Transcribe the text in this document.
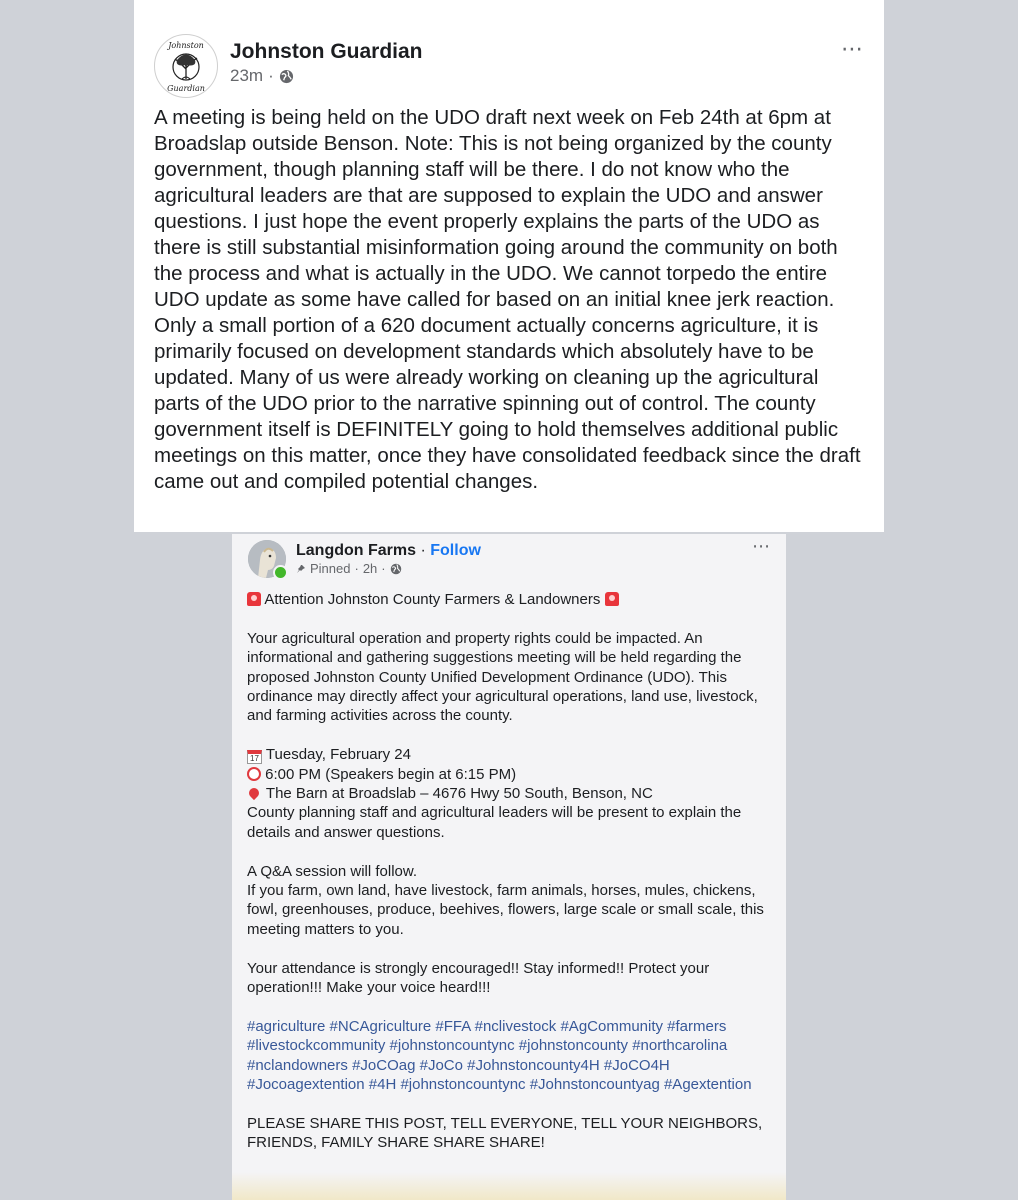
Johnston
Guardian
Johnston Guardian
23m ·
⋯
A meeting is being held on the UDO draft next week on Feb 24th at 6pm at Broadslap outside Benson. Note: This is not being organized by the county government, though planning staff will be there. I do not know who the agricultural leaders are that are supposed to explain the UDO and answer questions. I just hope the event properly explains the parts of the UDO as there is still substantial misinformation going around the community on both the process and what is actually in the UDO. We cannot torpedo the entire UDO update as some have called for based on an initial knee jerk reaction. Only a small portion of a 620 document actually concerns agriculture, it is primarily focused on development standards which absolutely have to be updated. Many of us were already working on cleaning up the agricultural parts of the UDO prior to the narrative spinning out of control. The county government itself is DEFINITELY going to hold themselves additional public meetings on this matter, once they have consolidated feedback since the draft came out and compiled potential changes.
Langdon Farms · Follow
Pinned · 2h ·
⋯

Attention Johnston County Farmers & Landowners

Your agricultural operation and property rights could be impacted. An informational and gathering suggestions meeting will be held regarding the proposed Johnston County Unified Development Ordinance (UDO). This ordinance may directly affect your agricultural operations, land use, livestock, and farming activities across the county.

17 Tuesday, February 24
6:00 PM (Speakers begin at 6:15 PM)
The Barn at Broadslab – 4676 Hwy 50 South, Benson, NC
County planning staff and agricultural leaders will be present to explain the details and answer questions.

A Q&A session will follow.
If you farm, own land, have livestock, farm animals, horses, mules, chickens, fowl, greenhouses, produce, beehives, flowers, large scale or small scale, this meeting matters to you.

Your attendance is strongly encouraged!! Stay informed!! Protect your operation!!! Make your voice heard!!!

#agriculture #NCAgriculture #FFA #nclivestock #AgCommunity #farmers #livestockcommunity #johnstoncountync #johnstoncounty #northcarolina #nclandowners #JoCOag #JoCo #Johnstoncounty4H #JoCO4H #Jocoagextention #4H #johnstoncountync #Johnstoncountyag #Agextention

PLEASE SHARE THIS POST, TELL EVERYONE, TELL YOUR NEIGHBORS, FRIENDS, FAMILY SHARE SHARE SHARE!
